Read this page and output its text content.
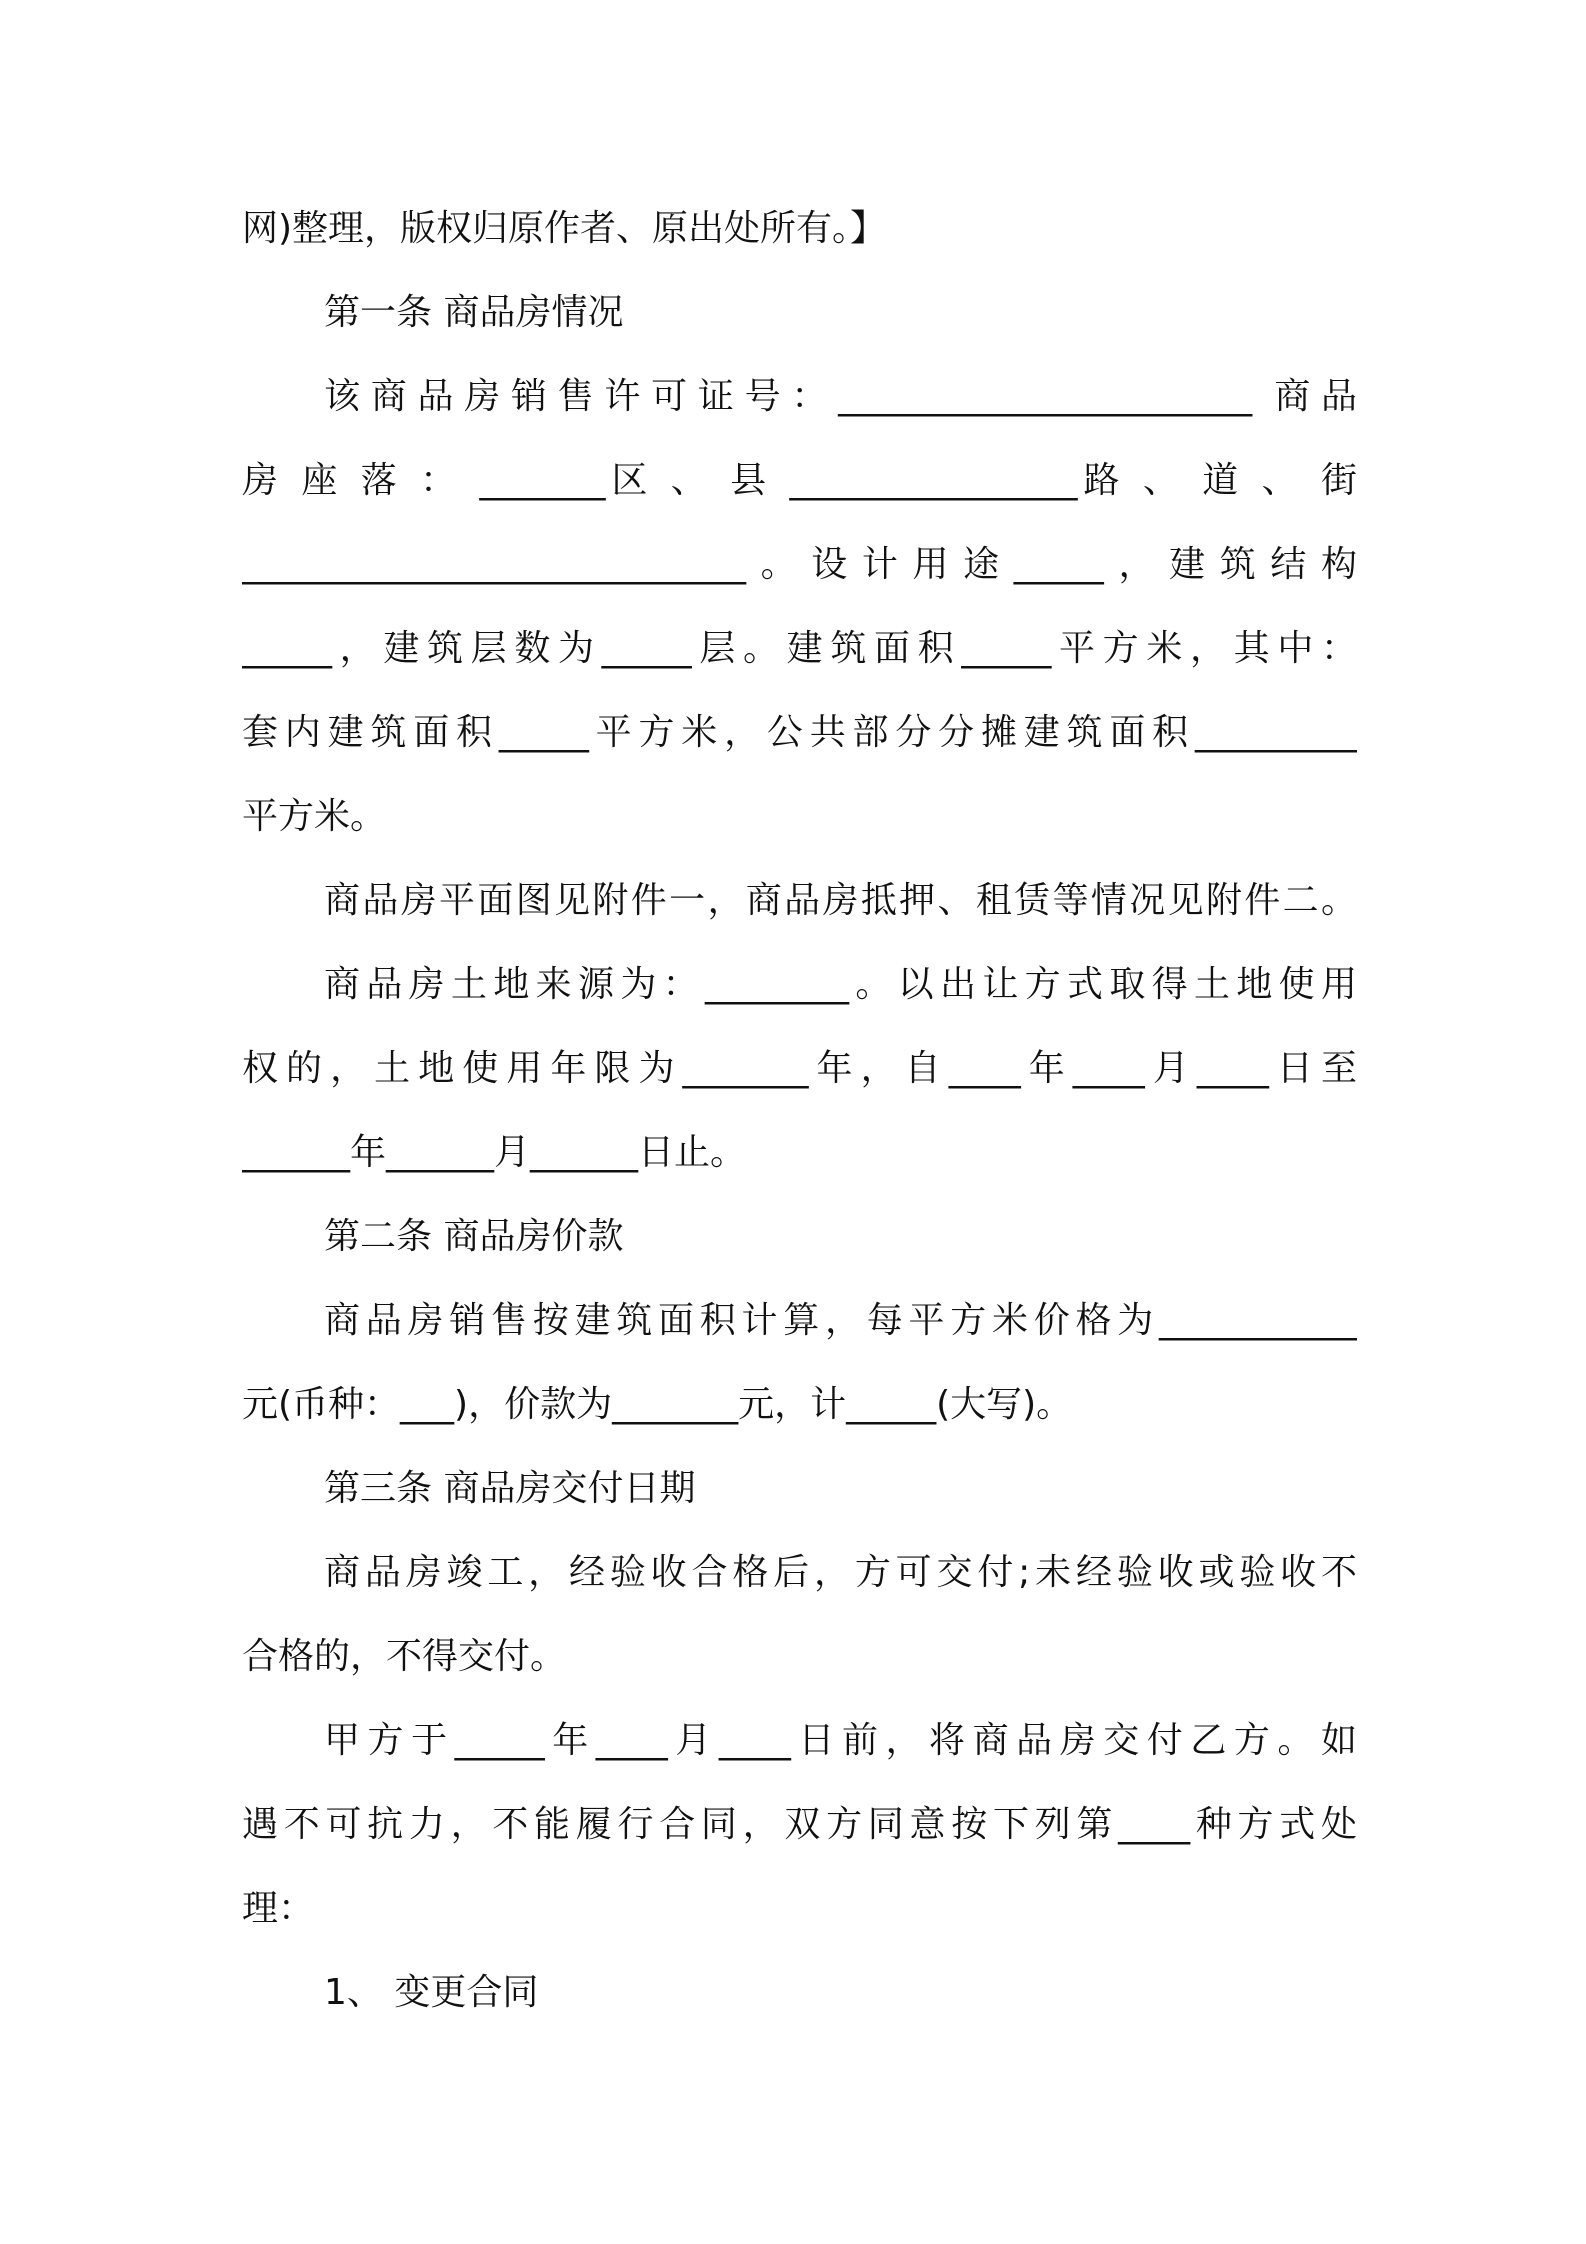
网)整理，版权归原作者、原出处所有。】
第一条 商品房情况
该商品房销售许可证号：_______________________ 商品
房 座 落 ： _______区 、 县 ________________路 、 道 、 街
____________________________。设计用途_____，建筑结构
_____，建筑层数为_____层。建筑面积_____平方米，其中：
套内建筑面积_____平方米，公共部分分摊建筑面积_________
平方米。
商品房平面图见附件一，商品房抵押、租赁等情况见附件二。
商品房土地来源为：________。以出让方式取得土地使用
权的，土地使用年限为_______年，自____年____月____日至
______年______月______日止。
第二条 商品房价款
商品房销售按建筑面积计算，每平方米价格为___________
元(币种：___)，价款为_______元，计_____(大写)。
第三条 商品房交付日期
商品房竣工，经验收合格后，方可交付;未经验收或验收不
合格的，不得交付。
甲方于_____年____月____日前，将商品房交付乙方。如
遇不可抗力，不能履行合同，双方同意按下列第____种方式处
理：
1、 变更合同
